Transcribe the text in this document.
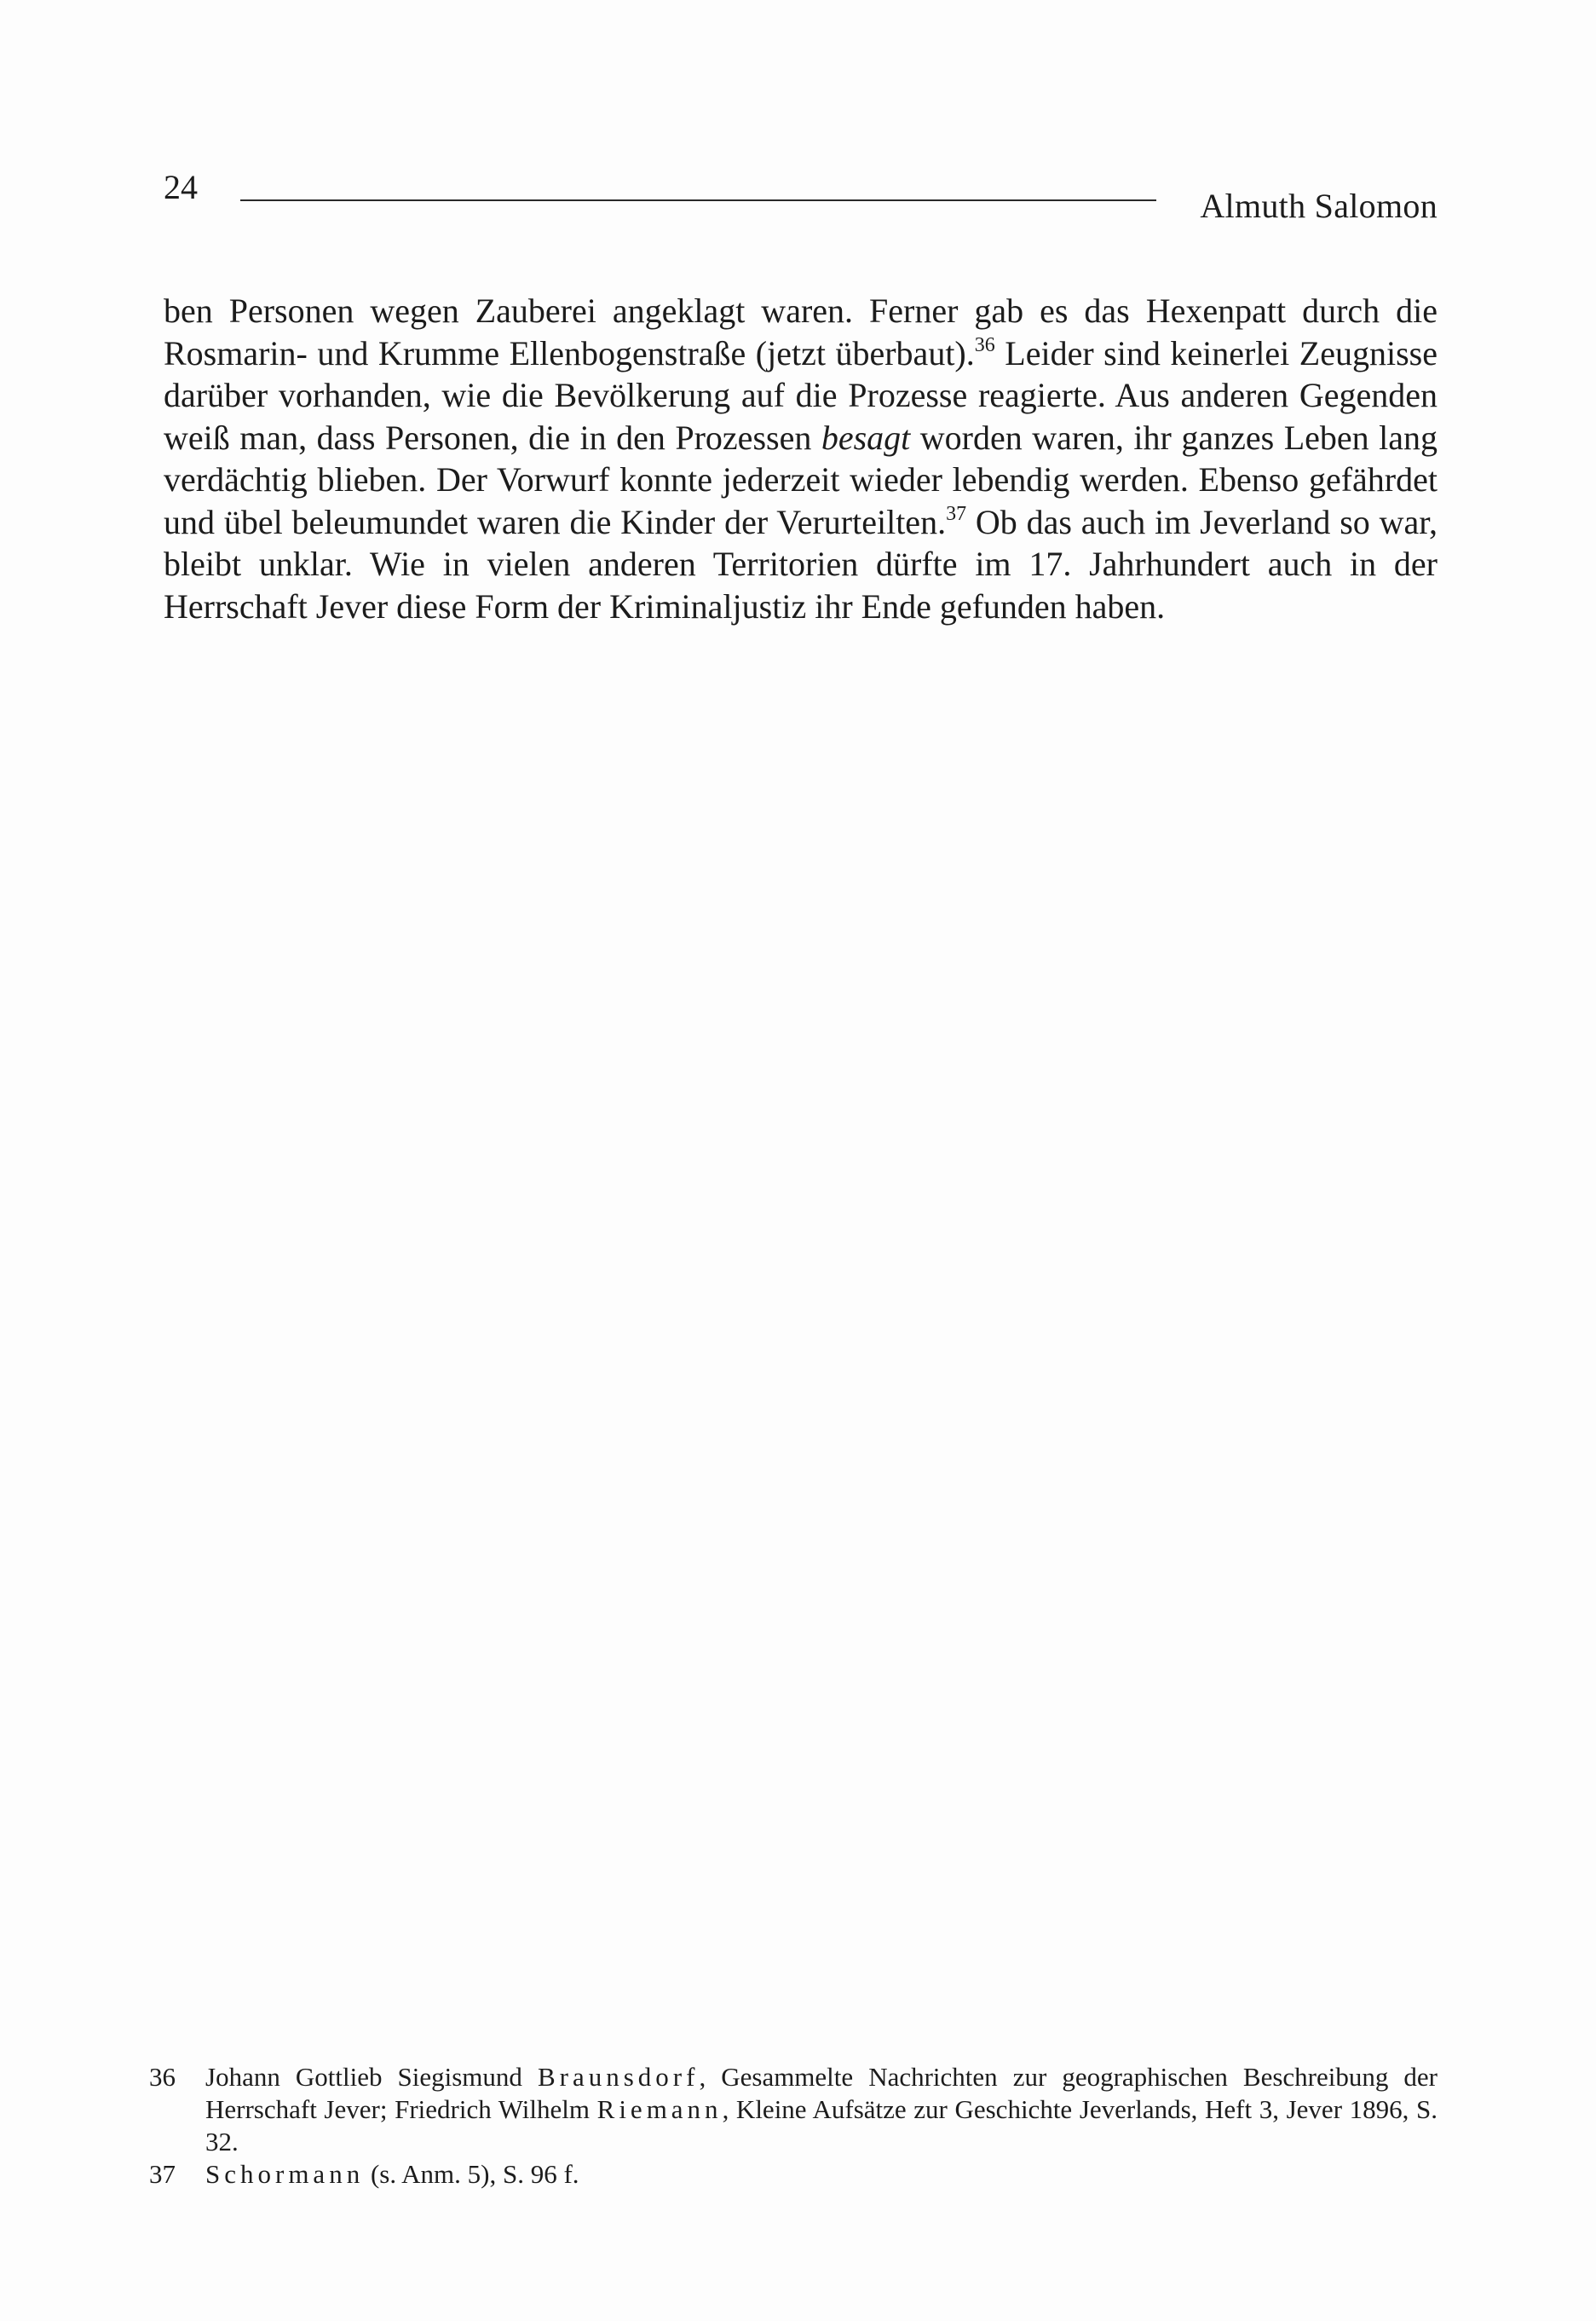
24	Almuth Salomon

ben Personen wegen Zauberei angeklagt waren. Ferner gab es das Hexenpatt durch die Rosmarin- und Krumme Ellenbogenstraße (jetzt überbaut).$^{36}$ Leider sind keinerlei Zeugnisse darüber vorhanden, wie die Bevölkerung auf die Prozesse reagierte. Aus anderen Gegenden weiß man, dass Personen, die in den Prozessen besagt worden waren, ihr ganzes Leben lang verdächtig blieben. Der Vorwurf konnte jederzeit wieder lebendig werden. Ebenso gefährdet und übel beleumundet waren die Kinder der Verurteilten.$^{37}$ Ob das auch im Jeverland so war, bleibt unklar. Wie in vielen anderen Territorien dürfte im 17. Jahrhundert auch in der Herrschaft Jever diese Form der Kriminaljustiz ihr Ende gefunden haben.

36	Johann Gottlieb Siegismund Braunsdorf, Gesammelte Nachrichten zur geographischen Beschreibung der Herrschaft Jever; Friedrich Wilhelm Riemann, Kleine Aufsätze zur Geschichte Jeverlands, Heft 3, Jever 1896, S. 32.
37	Schormann (s. Anm. 5), S. 96 f.
